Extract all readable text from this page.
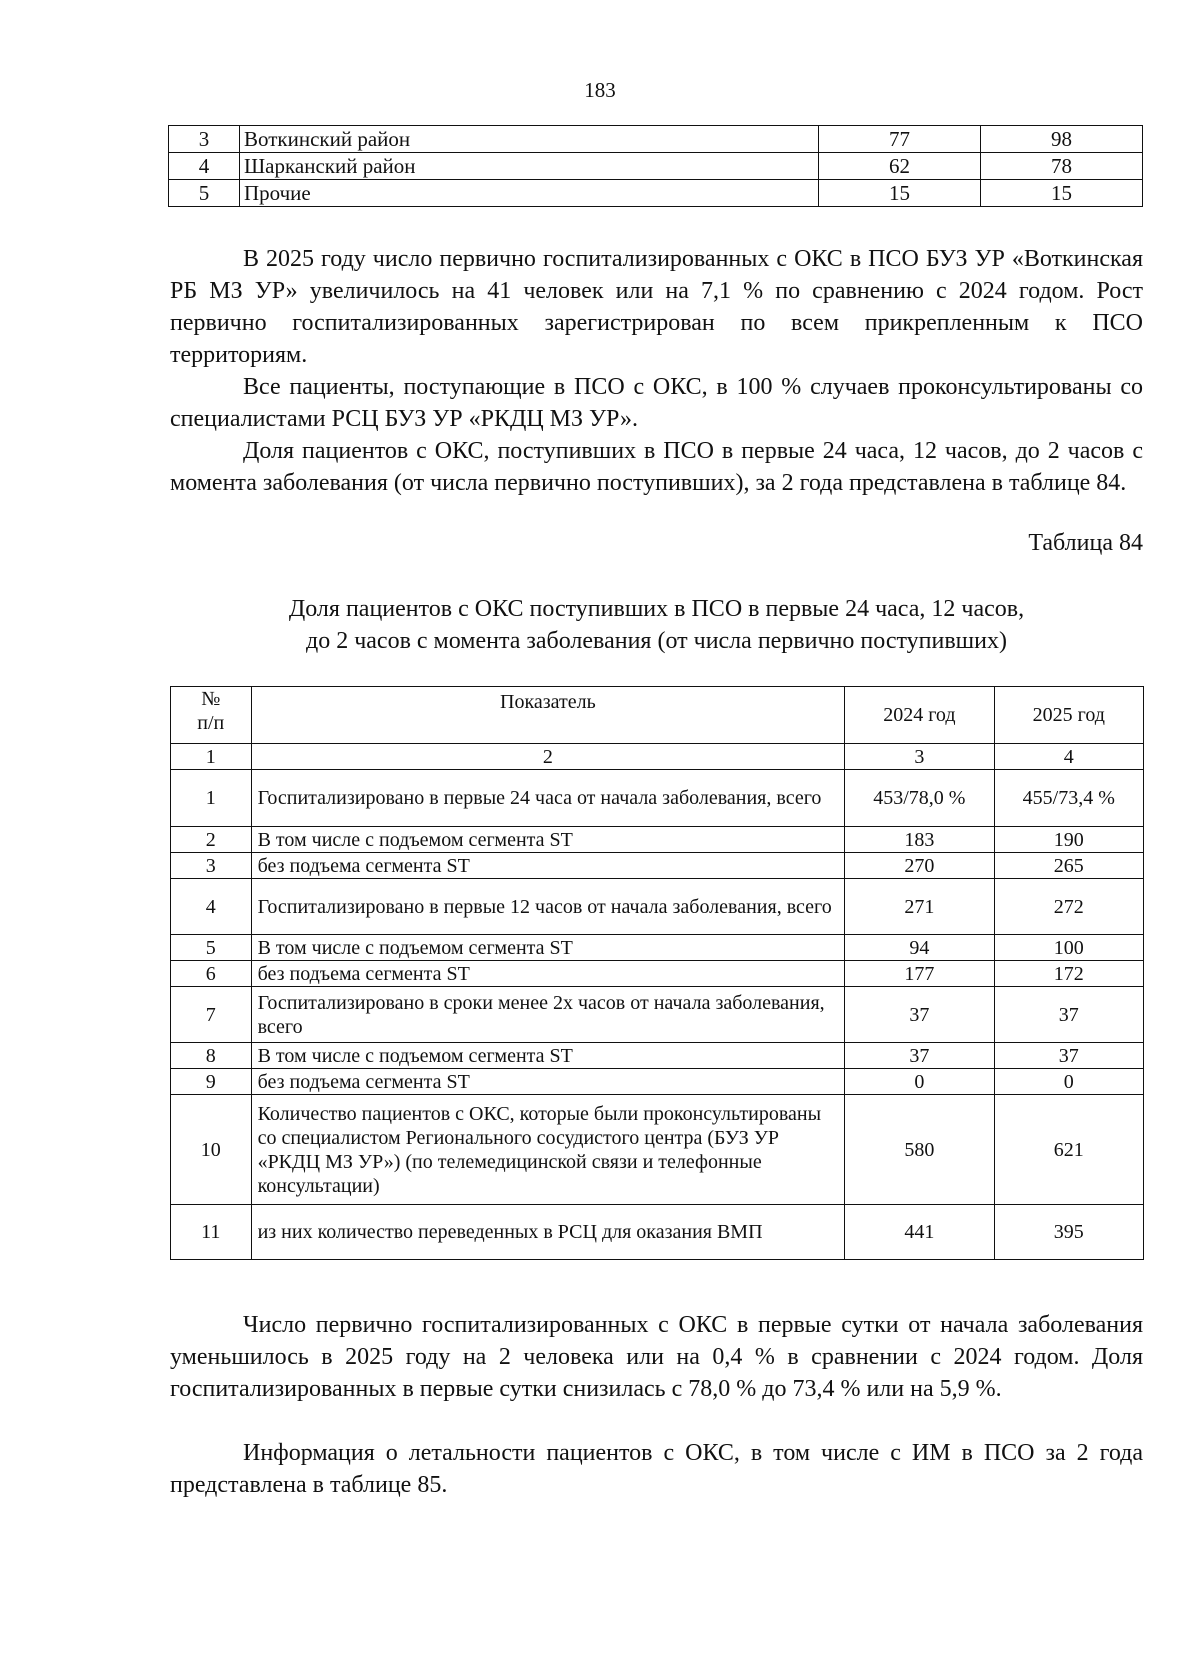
183
3	Воткинский район	77	98
4	Шарканский район	62	78
5	Прочие	15	15

В 2025 году число первично госпитализированных с ОКС в ПСО БУЗ УР «Воткинская РБ МЗ УР» увеличилось на 41 человек или на 7,1 % по сравнению с 2024 годом. Рост первично госпитализированных зарегистрирован по всем прикрепленным к ПСО территориям.

Все пациенты, поступающие в ПСО с ОКС, в 100 % случаев проконсультированы со специалистами РСЦ БУЗ УР «РКДЦ МЗ УР».

Доля пациентов с ОКС, поступивших в ПСО в первые 24 часа, 12 часов, до 2 часов с момента заболевания (от числа первично поступивших), за 2 года представлена в таблице 84.

Таблица 84
Доля пациентов с ОКС поступивших в ПСО в первые 24 часа, 12 часов,
до 2 часов с момента заболевания (от числа первично поступивших)
№
п/п	Показатель	2024 год	2025 год
1	2	3	4
1	Госпитализировано в первые 24 часа от начала заболевания, всего	453/78,0 %	455/73,4 %
2	В том числе с подъемом сегмента ST	183	190
3	без подъема сегмента ST	270	265
4	Госпитализировано в первые 12 часов от начала заболевания, всего	271	272
5	В том числе с подъемом сегмента ST	94	100
6	без подъема сегмента ST	177	172
7	Госпитализировано в сроки менее 2х часов от начала заболевания, всего	37	37
8	В том числе с подъемом сегмента ST	37	37
9	без подъема сегмента ST	0	0
10	Количество пациентов с ОКС, которые были проконсультированы со специалистом Регионального сосудистого центра (БУЗ УР «РКДЦ МЗ УР») (по телемедицинской связи и телефонные консультации)	580	621
11	из них количество переведенных в РСЦ для оказания ВМП	441	395

Число первично госпитализированных с ОКС в первые сутки от начала заболевания уменьшилось в 2025 году на 2 человека или на 0,4 % в сравнении с 2024 годом. Доля госпитализированных в первые сутки снизилась с 78,0 % до 73,4 % или на 5,9 %.

Информация о летальности пациентов с ОКС, в том числе с ИМ в ПСО за 2 года представлена в таблице 85.
